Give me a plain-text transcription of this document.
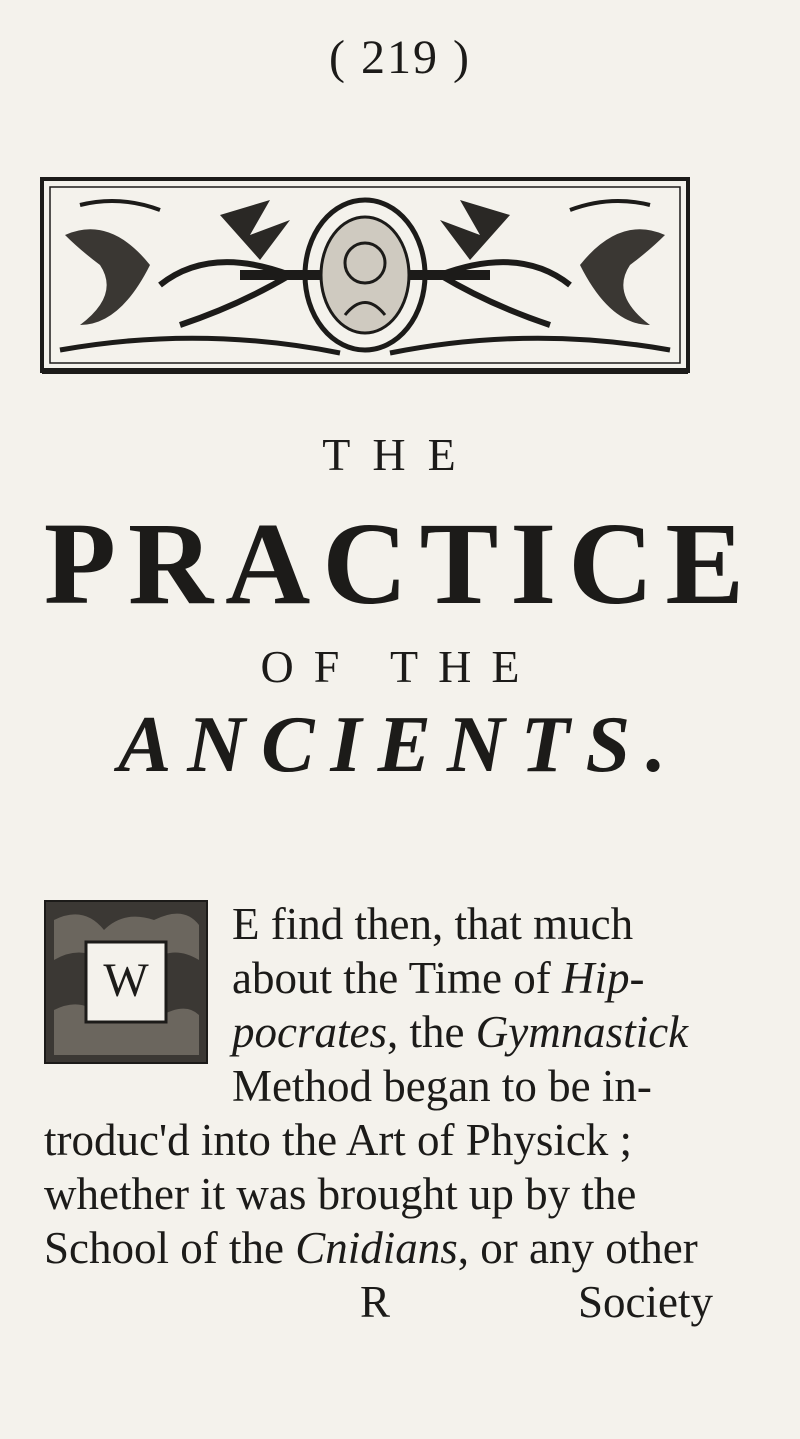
( 219 )
THE
PRACTICE
OF THE
ANCIENTS.
W
E find then, that much
about the Time of Hip-
pocrates, the Gymnastick
Method began to be in-
troduc'd into the Art of Physick ;
whether it was brought up by the
School of the Cnidians, or any other
R	Society
